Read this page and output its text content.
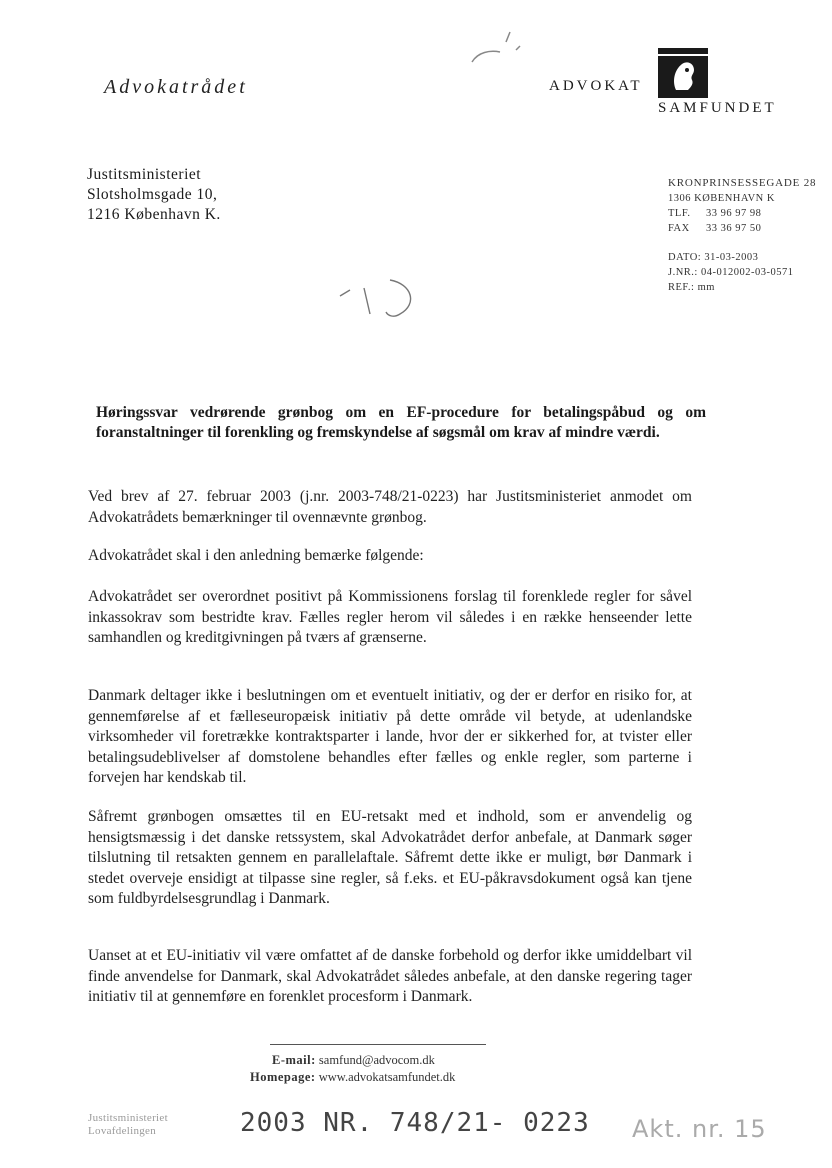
Advokatrådet	ADVOKAT
SAMFUNDET
Justitsministeriet
Slotsholmsgade 10,
1216 København K.
KRONPRINSESSEGADE 28
1306 KØBENHAVN K
TLF. 33 96 97 98
FAX 33 36 97 50
DATO: 31-03-2003
J.NR.: 04-012002-03-0571
REF.: mm
Høringssvar vedrørende grønbog om en EF-procedure for betalingspåbud og om foranstaltninger til forenkling og fremskyndelse af søgsmål om krav af mindre værdi.
Ved brev af 27. februar 2003 (j.nr. 2003-748/21-0223) har Justitsministeriet anmodet om Advokatrådets bemærkninger til ovennævnte grønbog.
Advokatrådet skal i den anledning bemærke følgende:
Advokatrådet ser overordnet positivt på Kommissionens forslag til forenklede regler for såvel inkassokrav som bestridte krav. Fælles regler herom vil således i en række henseender lette samhandlen og kreditgivningen på tværs af grænserne.
Danmark deltager ikke i beslutningen om et eventuelt initiativ, og der er derfor en risiko for, at gennemførelse af et fælleseuropæisk initiativ på dette område vil betyde, at udenlandske virksomheder vil foretrække kontraktsparter i lande, hvor der er sikkerhed for, at tvister eller betalingsudeblivelser af domstolene behandles efter fælles og enkle regler, som parterne i forvejen har kendskab til.
Såfremt grønbogen omsættes til en EU-retsakt med et indhold, som er anvendelig og hensigtsmæssig i det danske retssystem, skal Advokatrådet derfor anbefale, at Danmark søger tilslutning til retsakten gennem en parallelaftale. Såfremt dette ikke er muligt, bør Danmark i stedet overveje ensidigt at tilpasse sine regler, så f.eks. et EU-påkravsdokument også kan tjene som fuldbyrdelsesgrundlag i Danmark.
Uanset at et EU-initiativ vil være omfattet af de danske forbehold og derfor ikke umiddelbart vil finde anvendelse for Danmark, skal Advokatrådet således anbefale, at den danske regering tager initiativ til at gennemføre en forenklet procesform i Danmark.
E-mail: samfund@advocom.dk
Homepage: www.advokatsamfundet.dk
Justitsministeriet
Lovafdelingen	2003 NR. 748/21- 0223 Akt. nr. 15
